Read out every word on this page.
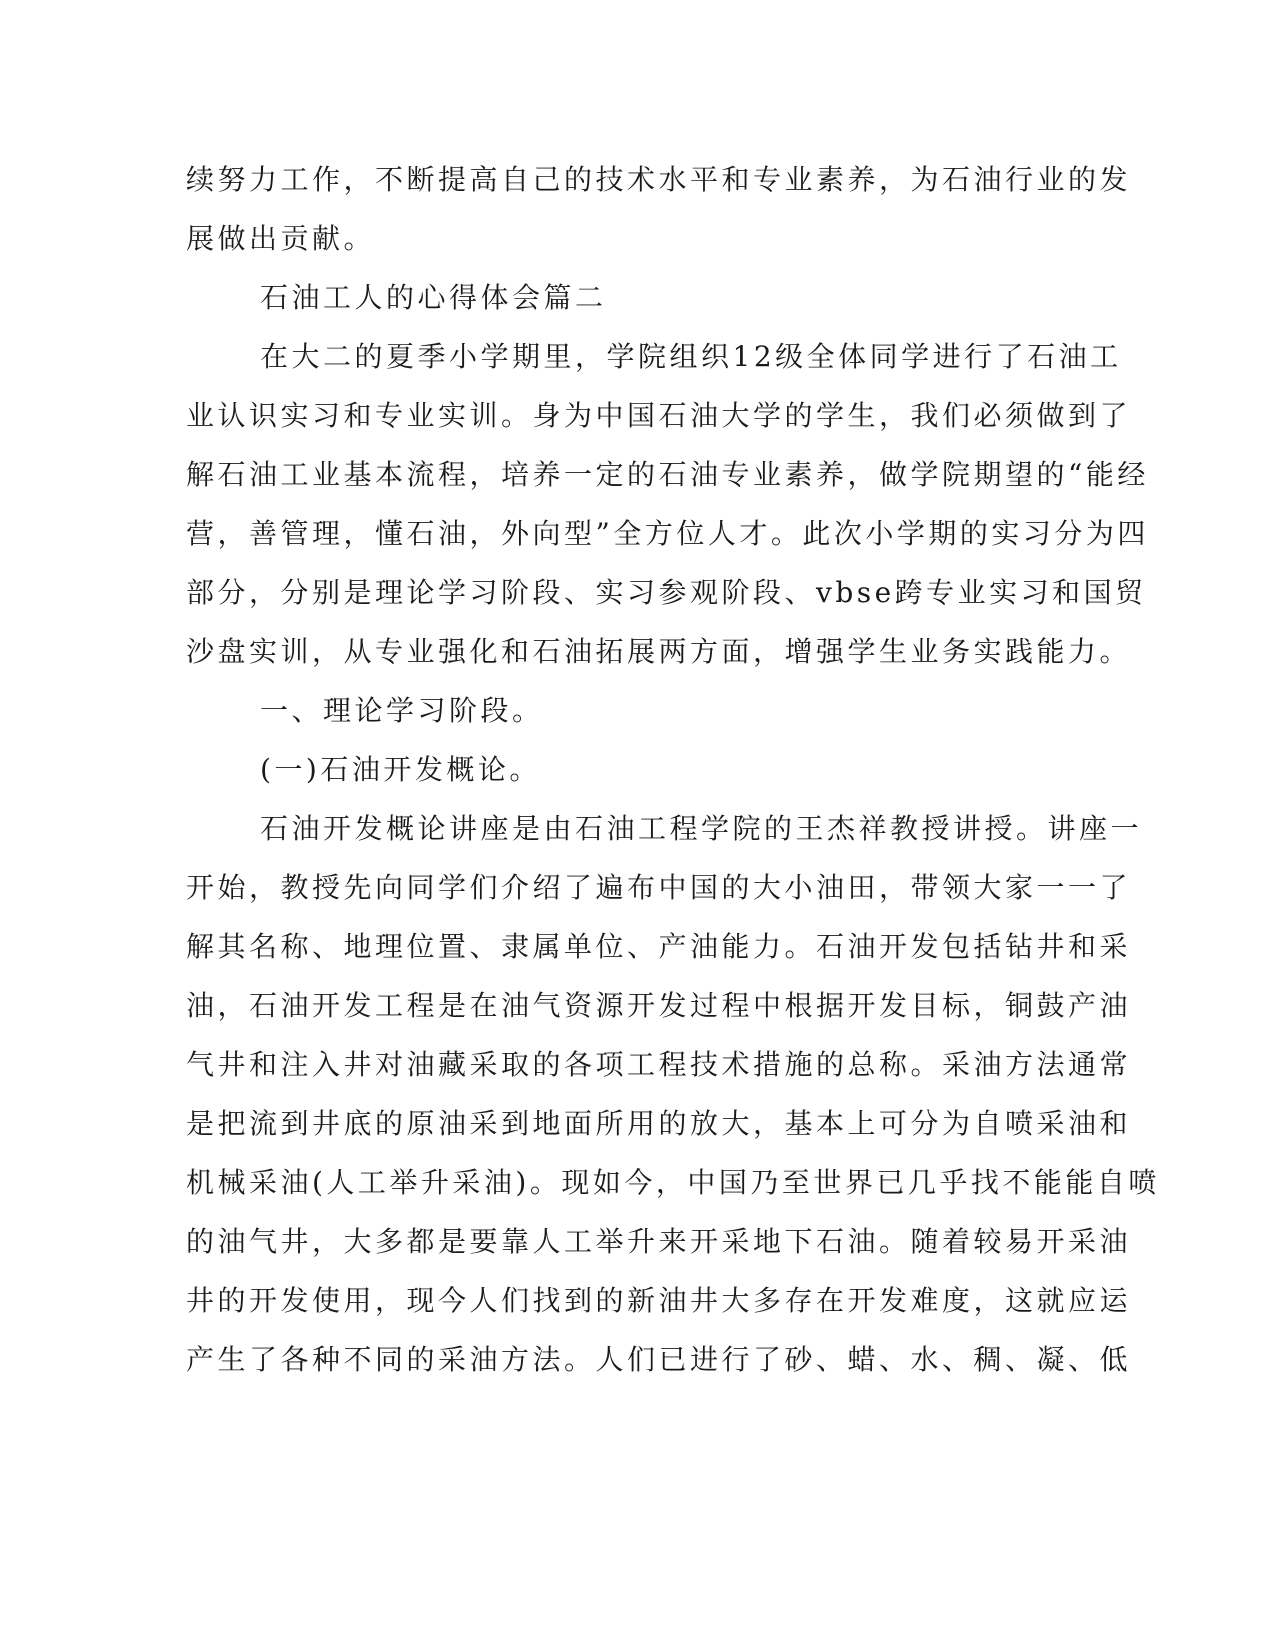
续努力工作，不断提高自己的技术水平和专业素养，为石油行业的发

展做出贡献。

石油工人的心得体会篇二

在大二的夏季小学期里，学院组织12级全体同学进行了石油工

业认识实习和专业实训。身为中国石油大学的学生，我们必须做到了

解石油工业基本流程，培养一定的石油专业素养，做学院期望的“能经

营，善管理，懂石油，外向型”全方位人才。此次小学期的实习分为四

部分，分别是理论学习阶段、实习参观阶段、vbse跨专业实习和国贸

沙盘实训，从专业强化和石油拓展两方面，增强学生业务实践能力。

一、理论学习阶段。

(一)石油开发概论。

石油开发概论讲座是由石油工程学院的王杰祥教授讲授。讲座一

开始，教授先向同学们介绍了遍布中国的大小油田，带领大家一一了

解其名称、地理位置、隶属单位、产油能力。石油开发包括钻井和采

油，石油开发工程是在油气资源开发过程中根据开发目标，铜鼓产油

气井和注入井对油藏采取的各项工程技术措施的总称。采油方法通常

是把流到井底的原油采到地面所用的放大，基本上可分为自喷采油和

机械采油(人工举升采油)。现如今，中国乃至世界已几乎找不能能自喷

的油气井，大多都是要靠人工举升来开采地下石油。随着较易开采油

井的开发使用，现今人们找到的新油井大多存在开发难度，这就应运

产生了各种不同的采油方法。人们已进行了砂、蜡、水、稠、凝、低
